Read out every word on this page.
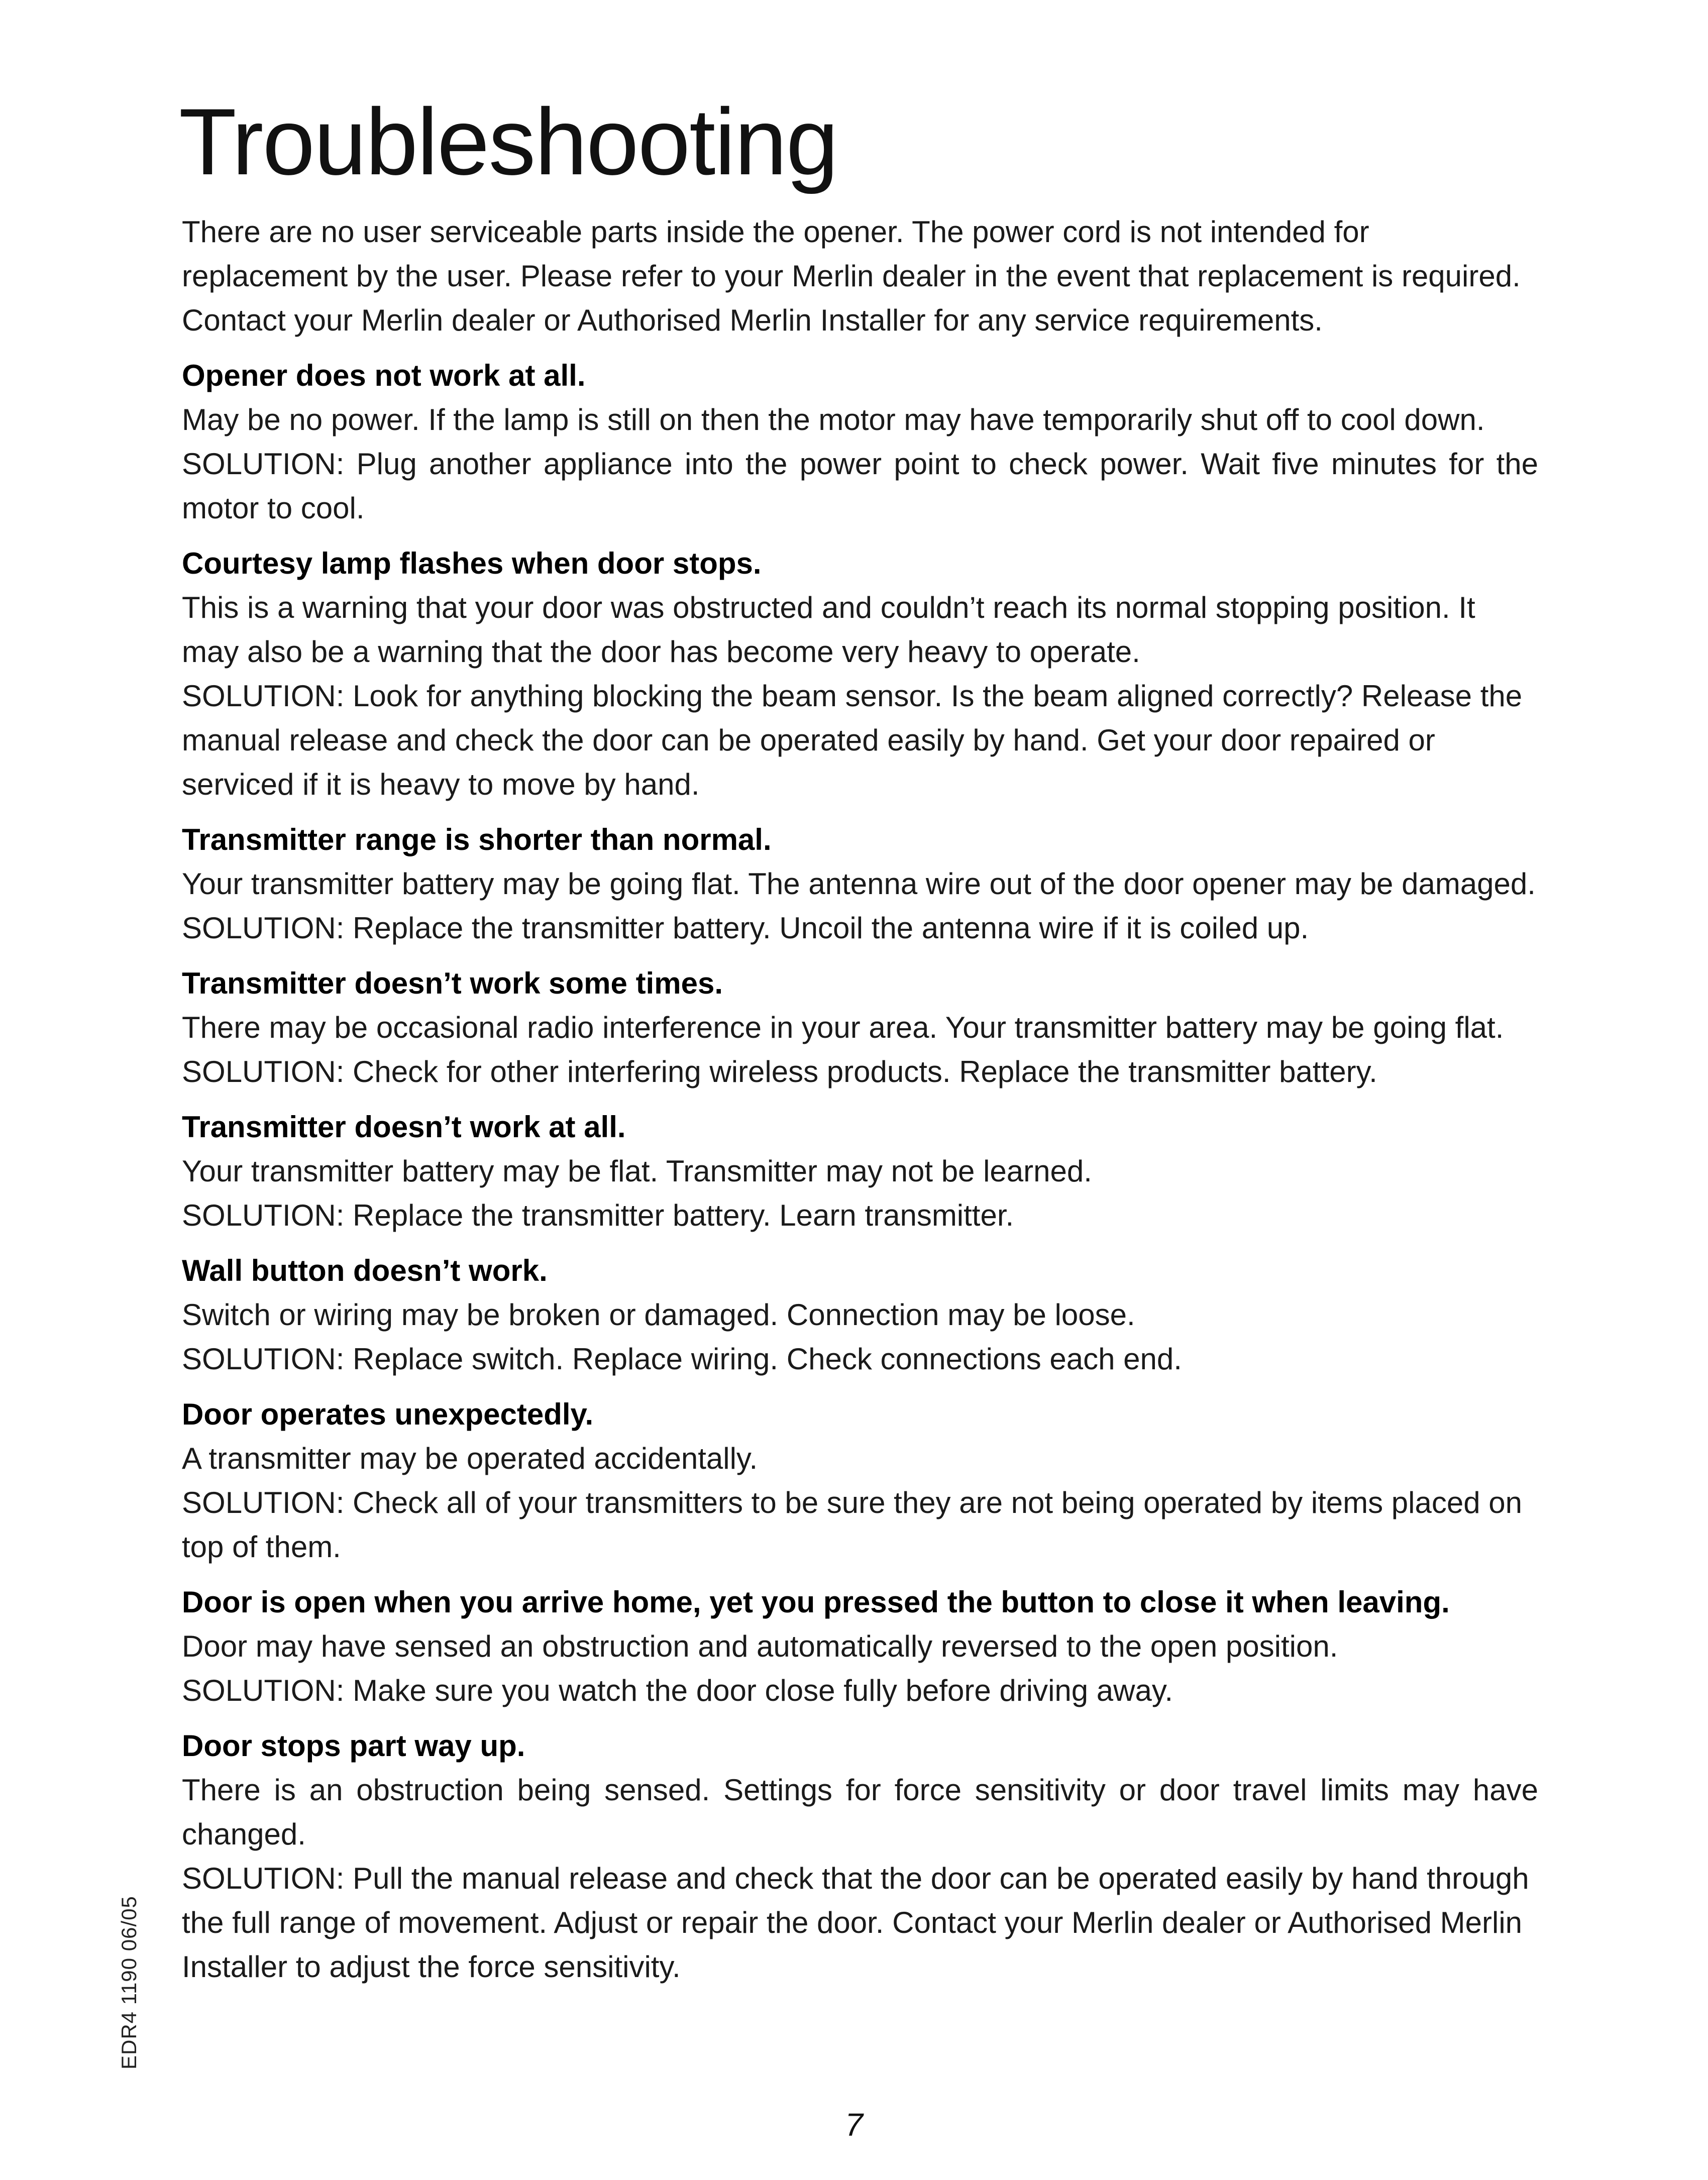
Troubleshooting

There are no user serviceable parts inside the opener. The power cord is not intended for replacement by the user. Please refer to your Merlin dealer in the event that replacement is required. Contact your Merlin dealer or Authorised Merlin Installer for any service requirements.

Opener does not work at all.

May be no power. If the lamp is still on then the motor may have temporarily shut off to cool down.

SOLUTION: Plug another appliance into the power point to check power. Wait five minutes for the motor to cool.

Courtesy lamp flashes when door stops.

This is a warning that your door was obstructed and couldn’t reach its normal stopping position. It may also be a warning that the door has become very heavy to operate.

SOLUTION: Look for anything blocking the beam sensor. Is the beam aligned correctly? Release the manual release and check the door can be operated easily by hand. Get your door repaired or serviced if it is heavy to move by hand.

Transmitter range is shorter than normal.

Your transmitter battery may be going flat. The antenna wire out of the door opener may be damaged.

SOLUTION: Replace the transmitter battery. Uncoil the antenna wire if it is coiled up.

Transmitter doesn’t work some times.

There may be occasional radio interference in your area. Your transmitter battery may be going flat.

SOLUTION: Check for other interfering wireless products. Replace the transmitter battery.

Transmitter doesn’t work at all.

Your transmitter battery may be flat. Transmitter may not be learned.

SOLUTION: Replace the transmitter battery. Learn transmitter.

Wall button doesn’t work.

Switch or wiring may be broken or damaged. Connection may be loose.

SOLUTION: Replace switch. Replace wiring. Check connections each end.

Door operates unexpectedly.

A transmitter may be operated accidentally.

SOLUTION: Check all of your transmitters to be sure they are not being operated by items placed on top of them.

Door is open when you arrive home, yet you pressed the button to close it when leaving.

Door may have sensed an obstruction and automatically reversed to the open position.

SOLUTION: Make sure you watch the door close fully before driving away.

Door stops part way up.

There is an obstruction being sensed. Settings for force sensitivity or door travel limits may have changed.

SOLUTION: Pull the manual release and check that the door can be operated easily by hand through the full range of movement. Adjust or repair the door. Contact your Merlin dealer or Authorised Merlin Installer to adjust the force sensitivity.

EDR4 1190 06/05
7
